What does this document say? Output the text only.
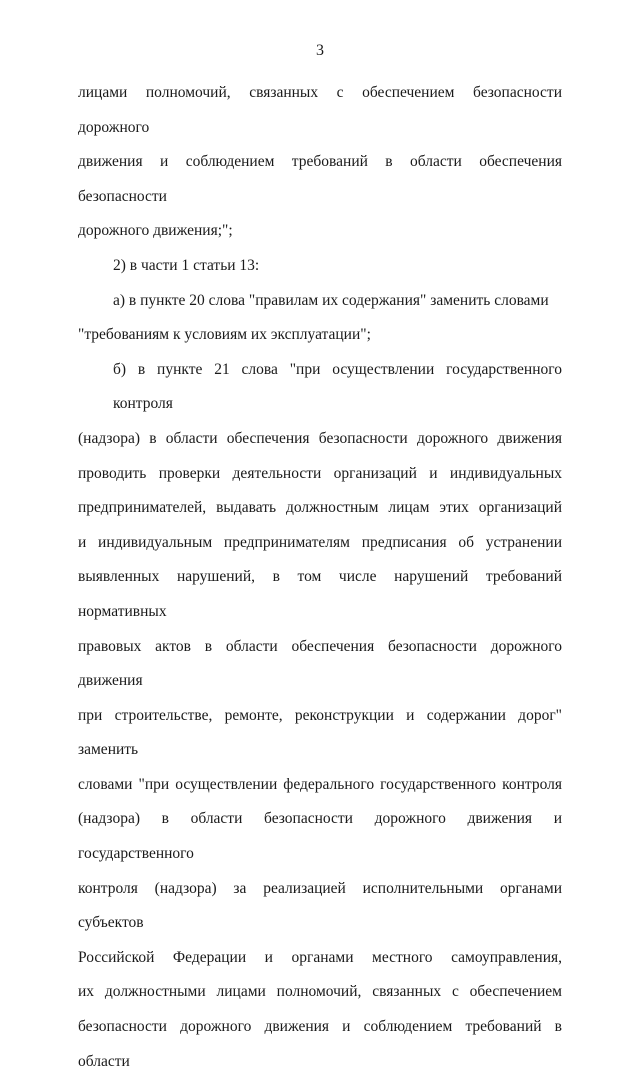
3

лицами полномочий, связанных с обеспечением безопасности дорожного
движения и соблюдением требований в области обеспечения безопасности
дорожного движения;";

2) в части 1 статьи 13:

а) в пункте 20 слова "правилам их содержания" заменить словами
"требованиям к условиям их эксплуатации";

б) в пункте 21 слова "при осуществлении государственного контроля
(надзора) в области обеспечения безопасности дорожного движения
проводить проверки деятельности организаций и индивидуальных
предпринимателей, выдавать должностным лицам этих организаций
и индивидуальным предпринимателям предписания об устранении
выявленных нарушений, в том числе нарушений требований нормативных
правовых актов в области обеспечения безопасности дорожного движения
при строительстве, ремонте, реконструкции и содержании дорог" заменить
словами "при осуществлении федерального государственного контроля
(надзора) в области безопасности дорожного движения и государственного
контроля (надзора) за реализацией исполнительными органами субъектов
Российской Федерации и органами местного самоуправления,
их должностными лицами полномочий, связанных с обеспечением
безопасности дорожного движения и соблюдением требований в области
